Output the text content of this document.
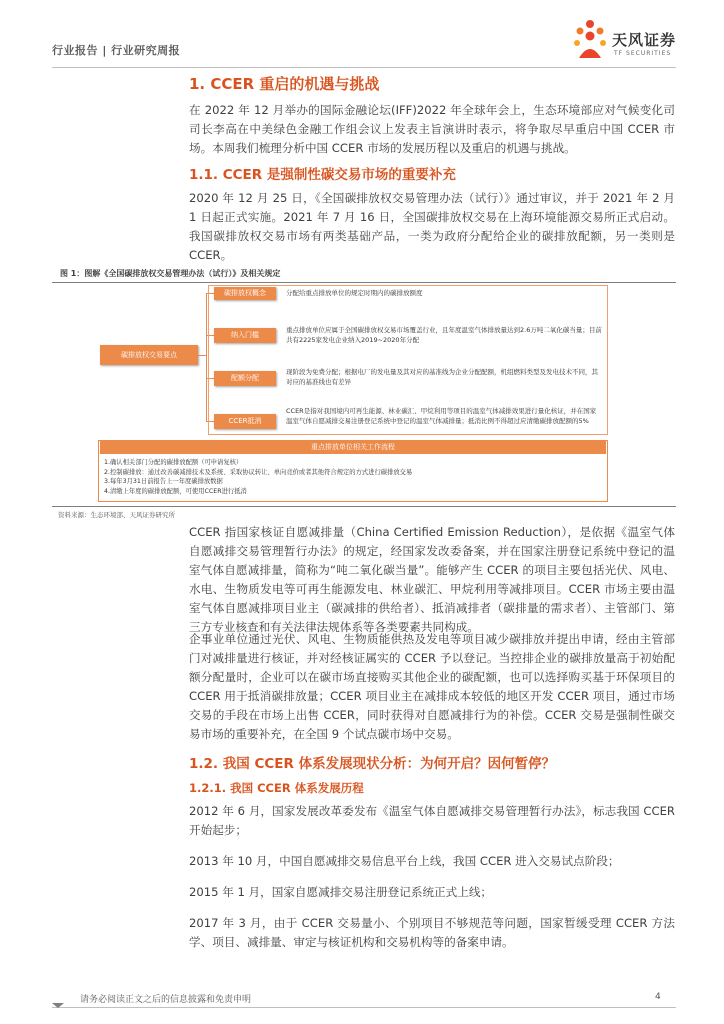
行业报告 | 行业研究周报
天风证券
TF SECURITIES
1. CCER 重启的机遇与挑战
在 2022 年 12 月举办的国际金融论坛(IFF)2022 年全球年会上，生态环境部应对气候变化司司长李高在中美绿色金融工作组会议上发表主旨演讲时表示，将争取尽早重启中国 CCER 市场。本周我们梳理分析中国 CCER 市场的发展历程以及重启的机遇与挑战。
1.1. CCER 是强制性碳交易市场的重要补充
2020 年 12 月 25 日，《全国碳排放权交易管理办法（试行）》通过审议，并于 2021 年 2 月 1 日起正式实施。2021 年 7 月 16 日，全国碳排放权交易在上海环境能源交易所正式启动。我国碳排放权交易市场有两类基础产品，一类为政府分配给企业的碳排放配额，另一类则是 CCER。
图 1：图解《全国碳排放权交易管理办法（试行）》及相关规定
碳排放权交易要点
碳排放权概念	分配给重点排放单位的规定时期内的碳排放额度
纳入门槛
重点排放单位应属于全国碳排放权交易市场覆盖行业，且年度温室气体排放量达到2.6万吨二氧化碳当量；目前共有2225家发电企业纳入2019~2020年分配
配额分配
现阶段为免费分配；根据电厂的发电量及其对应的基准线为企业分配配额，机组燃料类型及发电技术不同，其对应的基准线也有差异
CCER抵消
CCER是指对我国境内可再生能源、林业碳汇、甲烷利用等项目的温室气体减排效果进行量化核证，并在国家温室气体自愿减排交易注册登记系统中登记的温室气体减排量；抵消比例不得超过应清缴碳排放配额的5%
重点排放单位相关工作流程
1.确认相关部门分配的碳排放配额（可申请复核）
2.控制碳排放：通过改善碳减排技术及系统、采取协议转让、单向竞价或者其他符合规定的方式进行碳排放交易
3.每年3月31日前报告上一年度碳排放数据
4.清缴上年度的碳排放配额，可使用CCER进行抵消
资料来源：生态环境部、天风证券研究所
CCER 指国家核证自愿减排量（China Certified Emission Reduction），是依据《温室气体自愿减排交易管理暂行办法》的规定，经国家发改委备案，并在国家注册登记系统中登记的温室气体自愿减排量，简称为“吨二氧化碳当量”。能够产生 CCER 的项目主要包括光伏、风电、水电、生物质发电等可再生能源发电、林业碳汇、甲烷利用等减排项目。CCER 市场主要由温室气体自愿减排项目业主（碳减排的供给者）、抵消减排者（碳排量的需求者）、主管部门、第三方专业核查和有关法律法规体系等各类要素共同构成。
企事业单位通过光伏、风电、生物质能供热及发电等项目减少碳排放并提出申请，经由主管部门对减排量进行核证，并对经核证属实的 CCER 予以登记。当控排企业的碳排放量高于初始配额分配量时，企业可以在碳市场直接购买其他企业的碳配额，也可以选择购买基于环保项目的 CCER 用于抵消碳排放量；CCER 项目业主在减排成本较低的地区开发 CCER 项目，通过市场交易的手段在市场上出售 CCER，同时获得对自愿减排行为的补偿。CCER 交易是强制性碳交易市场的重要补充，在全国 9 个试点碳市场中交易。
1.2. 我国 CCER 体系发展现状分析：为何开启？因何暂停？
1.2.1. 我国 CCER 体系发展历程

2012 年 6 月，国家发展改革委发布《温室气体自愿减排交易管理暂行办法》，标志我国 CCER 开始起步；

2013 年 10 月，中国自愿减排交易信息平台上线，我国 CCER 进入交易试点阶段；

2015 年 1 月，国家自愿减排交易注册登记系统正式上线；

2017 年 3 月，由于 CCER 交易量小、个别项目不够规范等问题，国家暂缓受理 CCER 方法学、项目、减排量、审定与核证机构和交易机构等的备案申请。

请务必阅读正文之后的信息披露和免责申明	4
